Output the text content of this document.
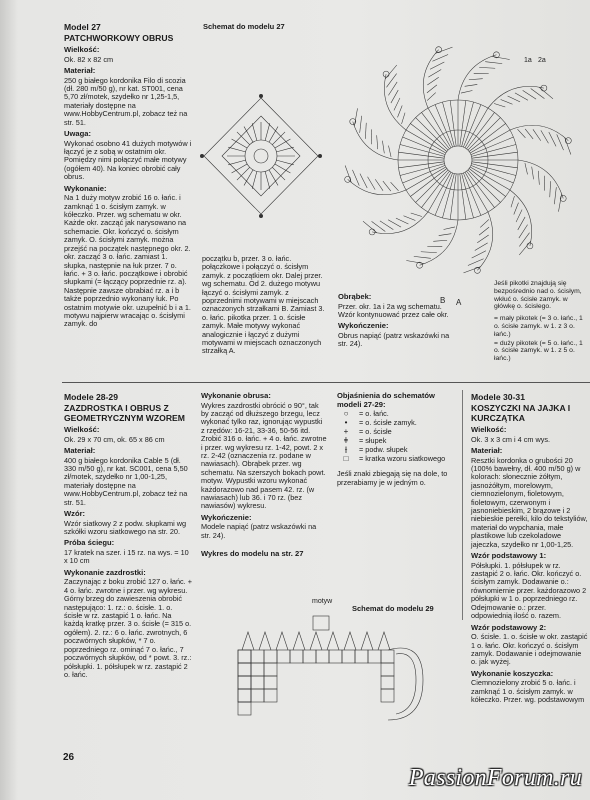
Model 27

PATCHWORKOWY OBRUS

Wielkość:

Ok. 82 x 82 cm

Materiał:

250 g białego kordonika Filo di scozia (dł. 280 m/50 g), nr kat. ST001, cena 5,70 zł/motek, szydełko nr 1,25-1,5, materiały dostępne na www.HobbyCentrum.pl, zobacz też na str. 51.

Uwaga:

Wykonać osobno 41 dużych motywów i łączyć je z sobą w ostatnim okr. Pomiędzy nimi połączyć małe motywy (ogółem 40). Na koniec obrobić cały obrus.

Wykonanie:

Na 1 duży motyw zrobić 16 o. łańc. i zamknąć 1 o. ścisłym zamyk. w kółeczko. Przer. wg schematu w okr. Każde okr. zacząć jak narysowano na schemacie. Okr. kończyć o. ścisłym zamyk. O. ścisłymi zamyk. można przejść na początek następnego okr. 2. okr. zacząć 3 o. łańc. zamiast 1. słupka, następnie na łuk przer. 7 o. łańc. + 3 o. łańc. początkowe i obrobić słupkami (= łączący poprzednie rz. a). Następnie zawsze obrabiać rz. a i b także poprzednio wykonany łuk. Po ostatnim motywie okr. uzupełnić b i a 1. motywu najpierw wracając o. ścisłymi zamyk. do

Schemat do modelu 27
1a 2a
A
B

początku b, przer. 3 o. łańc. połączkowe i połączyć o. ścisłym zamyk. z początkiem okr. Dalej przer. wg schematu. Od 2. dużego motywu łączyć o. ścisłymi zamyk. z poprzednimi motywami w miejscach oznaczonych strzałkami B. Zamiast 3. o. łańc. pikotka przer. 1 o. ścisłe zamyk. Małe motywy wykonać analogicznie i łączyć z dużymi motywami w miejscach oznaczonych strzałką A.

Obrąbek:

Przer. okr. 1a i 2a wg schematu. Wzór kontynuować przez całe okr.

Wykończenie:

Obrus napiąć (patrz wskazówki na str. 24).

Jeśli pikotki znajdują się bezpośrednio nad o. ścisłym, wkłuć o. ścisłe zamyk. w główkę o. ścisłego.

= mały pikotek (= 3 o. łańc., 1 o. ścisłe zamyk. w 1. z 3 o. łańc.)

= duży pikotek (= 5 o. łańc., 1 o. ścisłe zamyk. w 1. z 5 o. łańc.)

Modele 28-29

ZAZDROSTKA I OBRUS Z GEOMETRYCZNYM WZOREM

Wielkość:

Ok. 29 x 70 cm, ok. 65 x 86 cm

Materiał:

400 g białego kordonika Cable 5 (dł. 330 m/50 g), nr kat. SC001, cena 5,50 zł/motek, szydełko nr 1,00-1,25, materiały dostępne na www.HobbyCentrum.pl, zobacz też na str. 51.

Wzór:

Wzór siatkowy 2 z podw. słupkami wg szkółki wzoru siatkowego na str. 20.

Próba ściegu:

17 kratek na szer. i 15 rz. na wys. = 10 x 10 cm

Wykonanie zazdrostki:

Zaczynając z boku zrobić 127 o. łańc. + 4 o. łańc. zwrotne i przer. wg wykresu. Górny brzeg do zawieszenia obrobić następująco: 1. rz.: o. ścisłe. 1. o. ścisłe w rz. zastąpić 1 o. łańc. Na każdą kratkę przer. 3 o. ścisłe (= 315 o. ogółem). 2. rz.: 6 o. łańc. zwrotnych, 6 poczwórnych słupków, * 7 o. poprzedniego rz. ominąć 7 o. łańc., 7 poczwórnych słupków, od * powt. 3. rz.: półsłupki. 1. półsłupek w rz. zastąpić 2 o. łańc.

Wykonanie obrusa:

Wykres zazdrostki obrócić o 90°, tak by zacząć od dłuższego brzegu, lecz wykonać tylko raz, ignorując wypustki z rzędów: 16-21, 33-36, 50-56 itd. Zrobić 316 o. łańc. + 4 o. łańc. zwrotne i przer. wg wykresu rz. 1-42, powt. 2 x rz. 2-42 (oznaczenia rz. podane w nawiasach). Obrąbek przer. wg schematu. Na szerszych bokach powt. motyw. Wypustki wzoru wykonać każdorazowo nad pasem 42. rz. (w nawiasach) lub 36. i 70 rz. (bez nawiasów) wykresu.

Wykończenie:

Modele napiąć (patrz wskazówki na str. 24).

Wykres do modelu na str. 27

Objaśnienia do schematów modeli 27-29:

○	= o. łańc.
•	= o. ścisłe zamyk.
+	= o. ścisłe
ǂ	= słupek
⫲	= podw. słupek
□	= kratka wzoru siatkowego

Jeśli znaki zbiegają się na dole, to przerabiamy je w jedným o.

Modele 30-31

KOSZYCZKI NA JAJKA I KURCZĄTKA

Wielkość:

Ok. 3 x 3 cm i 4 cm wys.

Materiał:

Resztki kordonka o grubości 20 (100% bawełny, dł. 400 m/50 g) w kolorach: słonecznie żółtym, jasnożółtym, morelowym, ciemnozielonym, fioletowym, fioletowym, czerwonym i jasnoniebieskim, 2 brązowe i 2 niebieskie perełki, kilo do tekstyliów, materiał do wypchania, małe plastikowe lub czekoladowe jajeczka, szydełko nr 1,00-1,25.

Wzór podstawowy 1:

Półsłupki. 1. półsłupek w rz. zastąpić 2 o. łańc. Okr. kończyć o. ścisłym zamyk. Dodawanie o.: równomiernie przer. każdorazowo 2 półsłupki w 1 o. poprzedniego rz. Odejmowanie o.: przer. odpowiednią ilość o. razem.

Wzór podstawowy 2:

O. ścisłe. 1. o. ścisłe w okr. zastąpić 1 o. łańc. Okr. kończyć o. ścisłym zamyk. Dodawanie i odejmowanie o. jak wyżej.

Wykonanie koszyczka:

Ciemnozielony zrobić 5 o. łańc. i zamknąć 1 o. ścisłym zamyk. w kółeczko. Przer. wg. podstawowym

Schemat do modelu 29
motyw
26
PassionForum.ru
